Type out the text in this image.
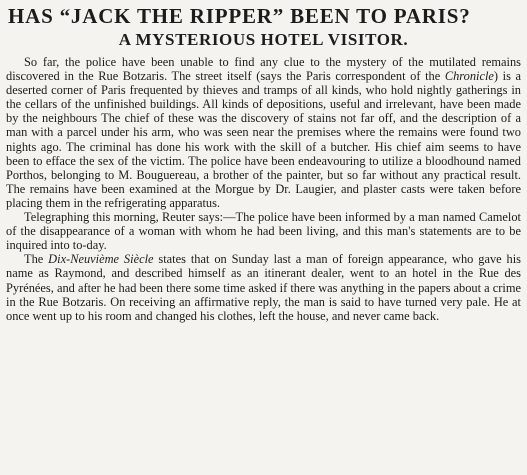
HAS “JACK THE RIPPER” BEEN TO PARIS?
A MYSTERIOUS HOTEL VISITOR.

So far, the police have been unable to find any clue to the mystery of the mutilated remains discovered in the Rue Botzaris. The street itself (says the Paris correspondent of the Chronicle) is a deserted corner of Paris frequented by thieves and tramps of all kinds, who hold nightly gatherings in the cellars of the unfinished buildings. All kinds of depositions, useful and irrelevant, have been made by the neighbours The chief of these was the discovery of stains not far off, and the description of a man with a parcel under his arm, who was seen near the premises where the remains were found two nights ago. The criminal has done his work with the skill of a butcher. His chief aim seems to have been to efface the sex of the victim. The police have been endeavouring to utilize a bloodhound named Porthos, belonging to M. Bouguereau, a brother of the painter, but so far without any practical result. The remains have been examined at the Morgue by Dr. Laugier, and plaster casts were taken before placing them in the refrigerating apparatus.

Telegraphing this morning, Reuter says:—The police have been informed by a man named Camelot of the disappearance of a woman with whom he had been living, and this man's statements are to be inquired into to-day.

The Dix-Neuvième Siècle states that on Sunday last a man of foreign appearance, who gave his name as Raymond, and described himself as an itinerant dealer, went to an hotel in the Rue des Pyrénées, and after he had been there some time asked if there was anything in the papers about a crime in the Rue Botzaris. On receiving an affirmative reply, the man is said to have turned very pale. He at once went up to his room and changed his clothes, left the house, and never came back.
